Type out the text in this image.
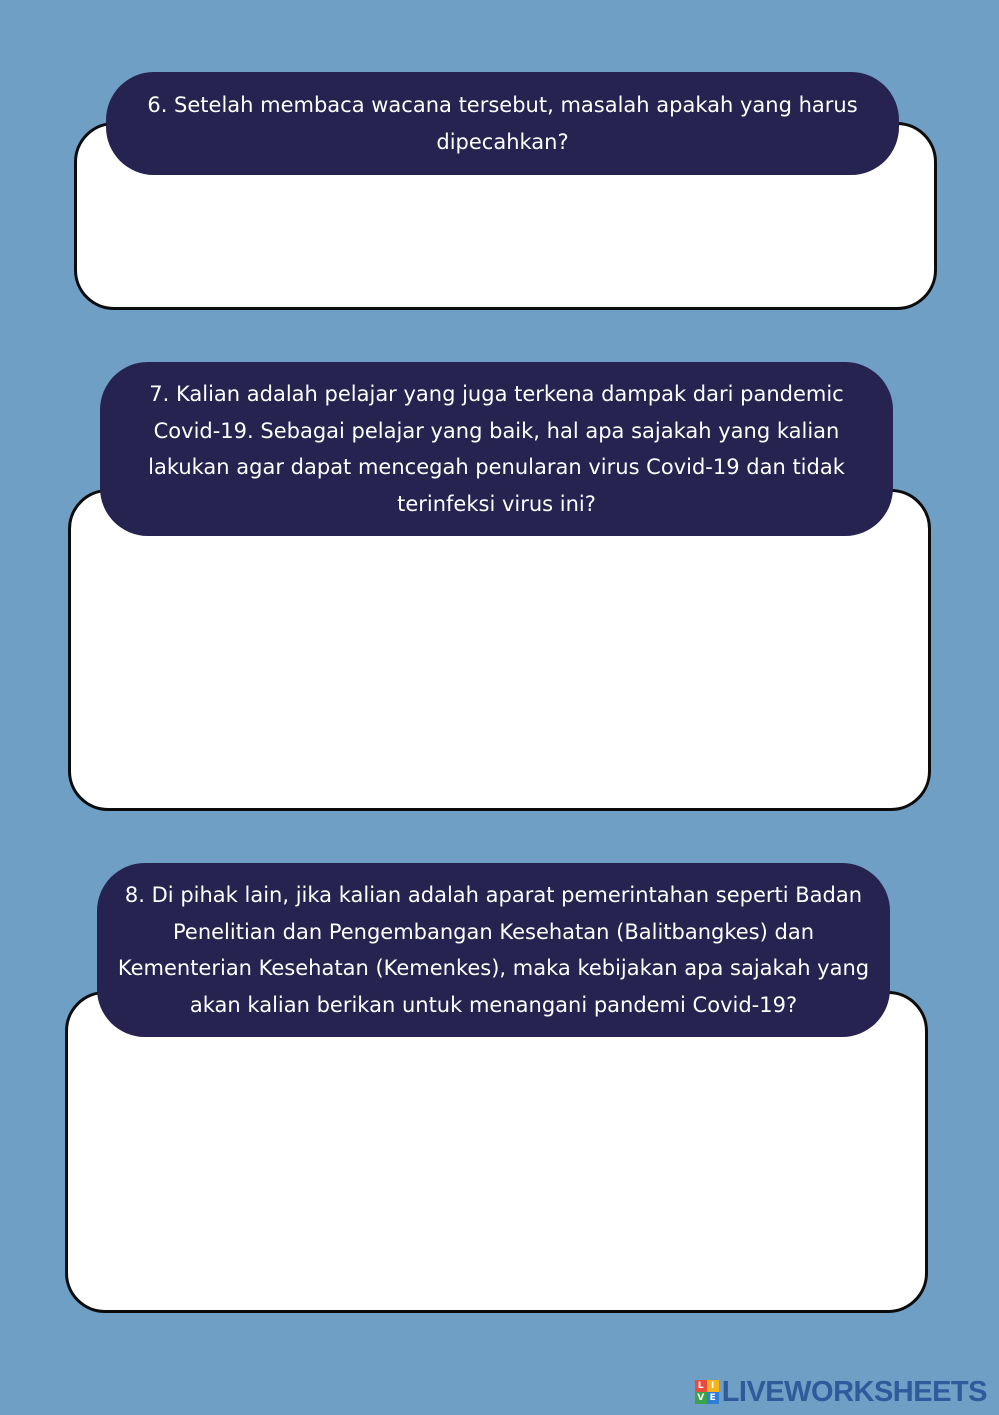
6. Setelah membaca wacana tersebut, masalah apakah yang harus dipecahkan?
7. Kalian adalah pelajar yang juga terkena dampak dari pandemic Covid-19. Sebagai pelajar yang baik, hal apa sajakah yang kalian lakukan agar dapat mencegah penularan virus Covid-19 dan tidak terinfeksi virus ini?
8. Di pihak lain, jika kalian adalah aparat pemerintahan seperti Badan Penelitian dan Pengembangan Kesehatan (Balitbangkes) dan Kementerian Kesehatan (Kemenkes), maka kebijakan apa sajakah yang akan kalian berikan untuk menangani pandemi Covid-19?
L I
V E LIVEWORKSHEETS
